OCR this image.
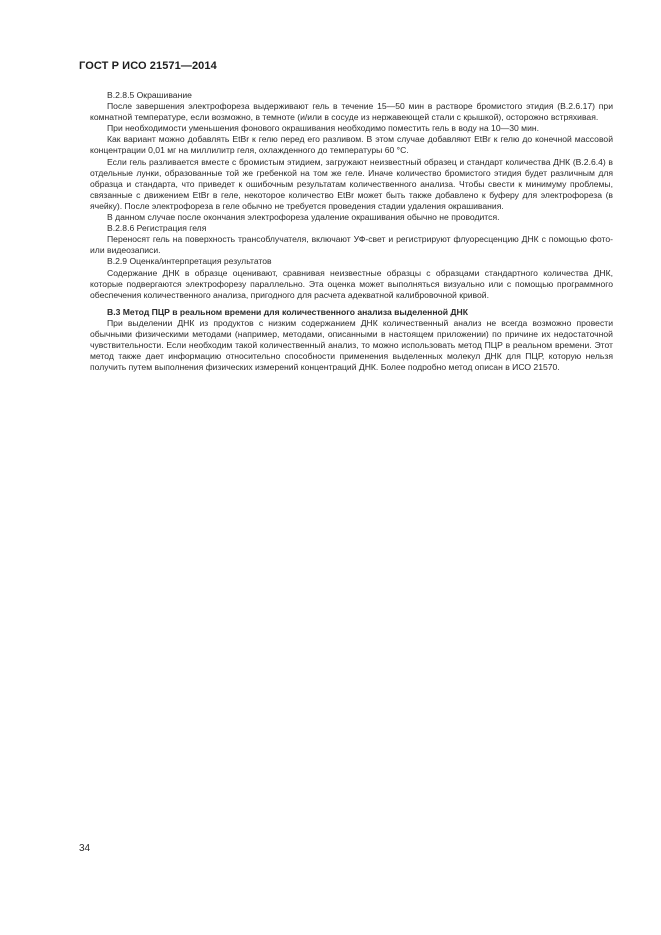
ГОСТ Р ИСО 21571—2014

В.2.8.5 Окрашивание

После завершения электрофореза выдерживают гель в течение 15—50 мин в растворе бромистого этидия (В.2.6.17) при комнатной температуре, если возможно, в темноте (и/или в сосуде из нержавеющей стали с крышкой), осторожно встряхивая.

При необходимости уменьшения фонового окрашивания необходимо поместить гель в воду на 10—30 мин.

Как вариант можно добавлять EtBr к гелю перед его разливом. В этом случае добавляют EtBr к гелю до конечной массовой концентрации 0,01 мг на миллилитр геля, охлажденного до температуры 60 °С.

Если гель разливается вместе с бромистым этидием, загружают неизвестный образец и стандарт количества ДНК (В.2.6.4) в отдельные лунки, образованные той же гребенкой на том же геле. Иначе количество бромистого этидия будет различным для образца и стандарта, что приведет к ошибочным результатам количественного анализа. Чтобы свести к минимуму проблемы, связанные с движением EtBr в геле, некоторое количество EtBr может быть также добавлено к буферу для электрофореза (в ячейку). После электрофореза в геле обычно не требуется проведения стадии удаления окрашивания.

В данном случае после окончания электрофореза удаление окрашивания обычно не проводится.

В.2.8.6 Регистрация геля

Переносят гель на поверхность трансоблучателя, включают УФ-свет и регистрируют флуоресценцию ДНК с помощью фото- или видеозаписи.

В.2.9 Оценка/интерпретация результатов

Содержание ДНК в образце оценивают, сравнивая неизвестные образцы с образцами стандартного количества ДНК, которые подвергаются электрофорезу параллельно. Эта оценка может выполняться визуально или с помощью программного обеспечения количественного анализа, пригодного для расчета адекватной калибровочной кривой.

В.3 Метод ПЦР в реальном времени для количественного анализа выделенной ДНК

При выделении ДНК из продуктов с низким содержанием ДНК количественный анализ не всегда возможно провести обычными физическими методами (например, методами, описанными в настоящем приложении) по причине их недостаточной чувствительности. Если необходим такой количественный анализ, то можно использовать метод ПЦР в реальном времени. Этот метод также дает информацию относительно способности применения выделенных молекул ДНК для ПЦР, которую нельзя получить путем выполнения физических измерений концентраций ДНК. Более подробно метод описан в ИСО 21570.

34
